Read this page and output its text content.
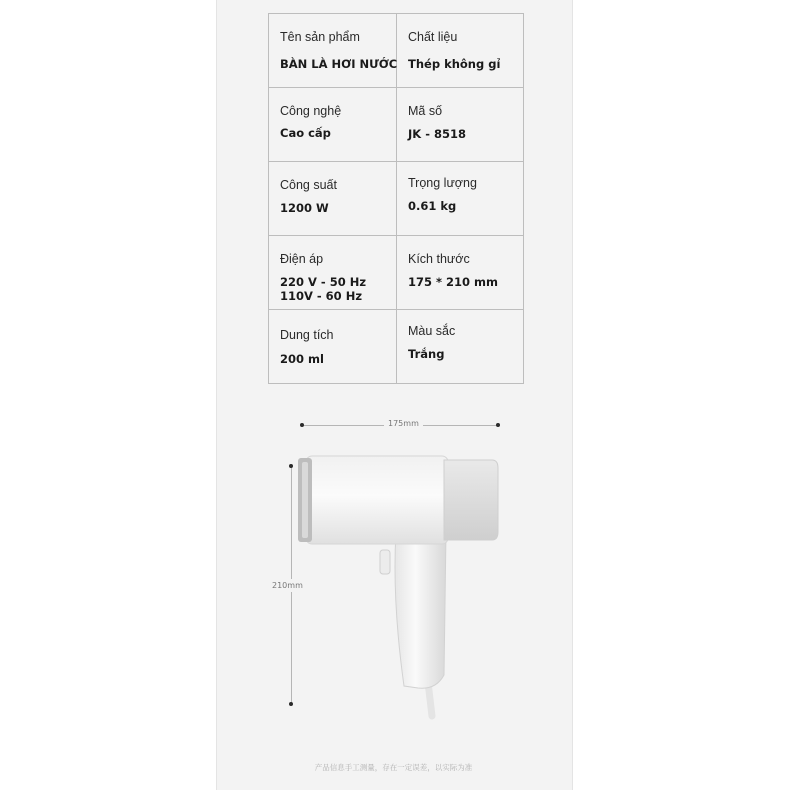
Tên sản phẩm
BÀN LÀ HƠI NƯỚC
Chất liệu
Thép không gỉ
Công nghệ
Cao cấp
Mã số
JK - 8518
Công suất
1200 W
Trọng lượng
0.61 kg
Điện áp
220 V - 50 Hz
110V - 60 Hz
Kích thước
175 * 210 mm
Dung tích
200 ml
Màu sắc
Trắng
175mm
210mm
产品信息手工测量，存在一定误差，以实际为准
